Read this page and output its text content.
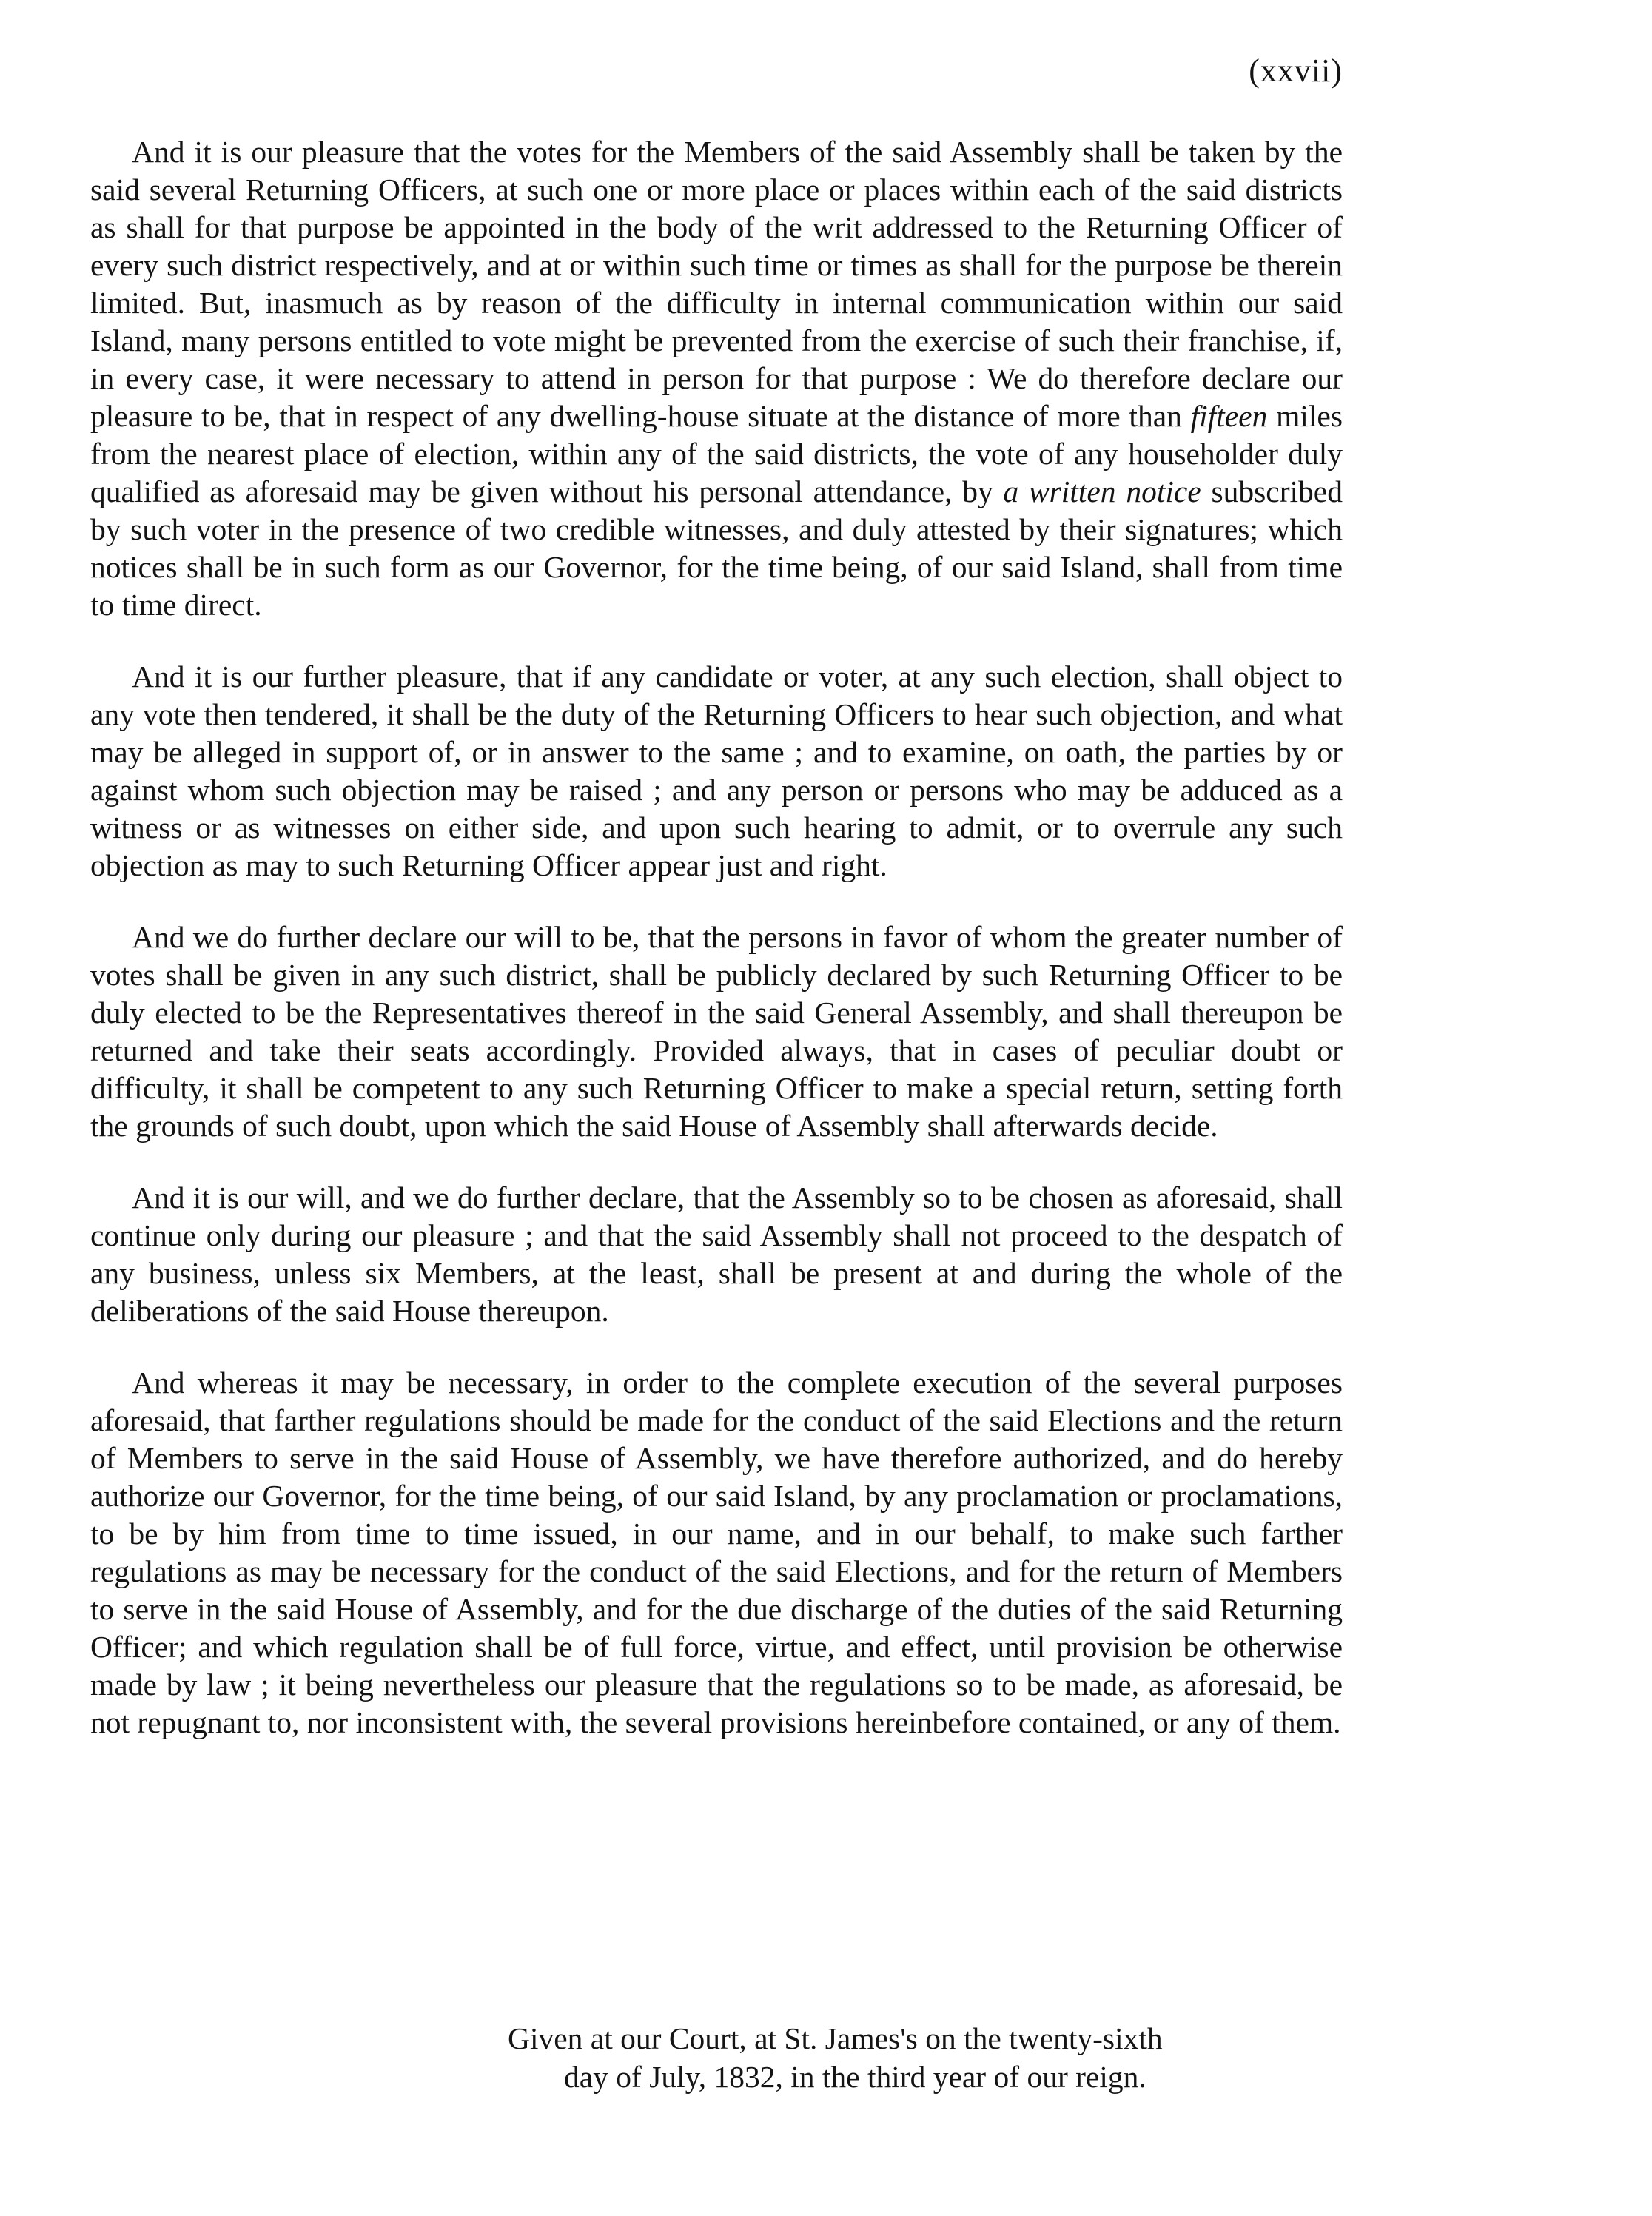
(xxvii)

And it is our pleasure that the votes for the Members of the said Assembly shall be taken by the said several Returning Officers, at such one or more place or places within each of the said districts as shall for that purpose be appointed in the body of the writ addressed to the Returning Officer of every such district respectively, and at or within such time or times as shall for the purpose be therein limited. But, inasmuch as by reason of the difficulty in internal communication within our said Island, many persons entitled to vote might be prevented from the exercise of such their franchise, if, in every case, it were necessary to attend in person for that purpose : We do therefore declare our pleasure to be, that in respect of any dwelling-house situate at the distance of more than fifteen miles from the nearest place of election, within any of the said districts, the vote of any householder duly qualified as aforesaid may be given without his personal attendance, by a written notice subscribed by such voter in the presence of two credible witnesses, and duly attested by their signatures; which notices shall be in such form as our Governor, for the time being, of our said Island, shall from time to time direct.

And it is our further pleasure, that if any candidate or voter, at any such election, shall object to any vote then tendered, it shall be the duty of the Returning Officers to hear such objection, and what may be alleged in support of, or in answer to the same ; and to examine, on oath, the parties by or against whom such objection may be raised ; and any person or persons who may be adduced as a witness or as witnesses on either side, and upon such hearing to admit, or to overrule any such objection as may to such Returning Officer appear just and right.

And we do further declare our will to be, that the persons in favor of whom the greater number of votes shall be given in any such district, shall be publicly declared by such Returning Officer to be duly elected to be the Representatives thereof in the said General Assembly, and shall thereupon be returned and take their seats accordingly. Provided always, that in cases of peculiar doubt or difficulty, it shall be competent to any such Returning Officer to make a special return, setting forth the grounds of such doubt, upon which the said House of Assembly shall afterwards decide.

And it is our will, and we do further declare, that the Assembly so to be chosen as aforesaid, shall continue only during our pleasure ; and that the said Assembly shall not proceed to the despatch of any business, unless six Members, at the least, shall be present at and during the whole of the deliberations of the said House thereupon.

And whereas it may be necessary, in order to the complete execution of the several purposes aforesaid, that farther regulations should be made for the conduct of the said Elections and the return of Members to serve in the said House of Assembly, we have therefore authorized, and do hereby authorize our Governor, for the time being, of our said Island, by any proclamation or proclamations, to be by him from time to time issued, in our name, and in our behalf, to make such farther regulations as may be necessary for the conduct of the said Elections, and for the return of Members to serve in the said House of Assembly, and for the due discharge of the duties of the said Returning Officer; and which regulation shall be of full force, virtue, and effect, until provision be otherwise made by law ; it being nevertheless our pleasure that the regulations so to be made, as aforesaid, be not repugnant to, nor inconsistent with, the several provisions hereinbefore contained, or any of them.

Given at our Court, at St. James's on the twenty-sixth
day of July, 1832, in the third year of our reign.
